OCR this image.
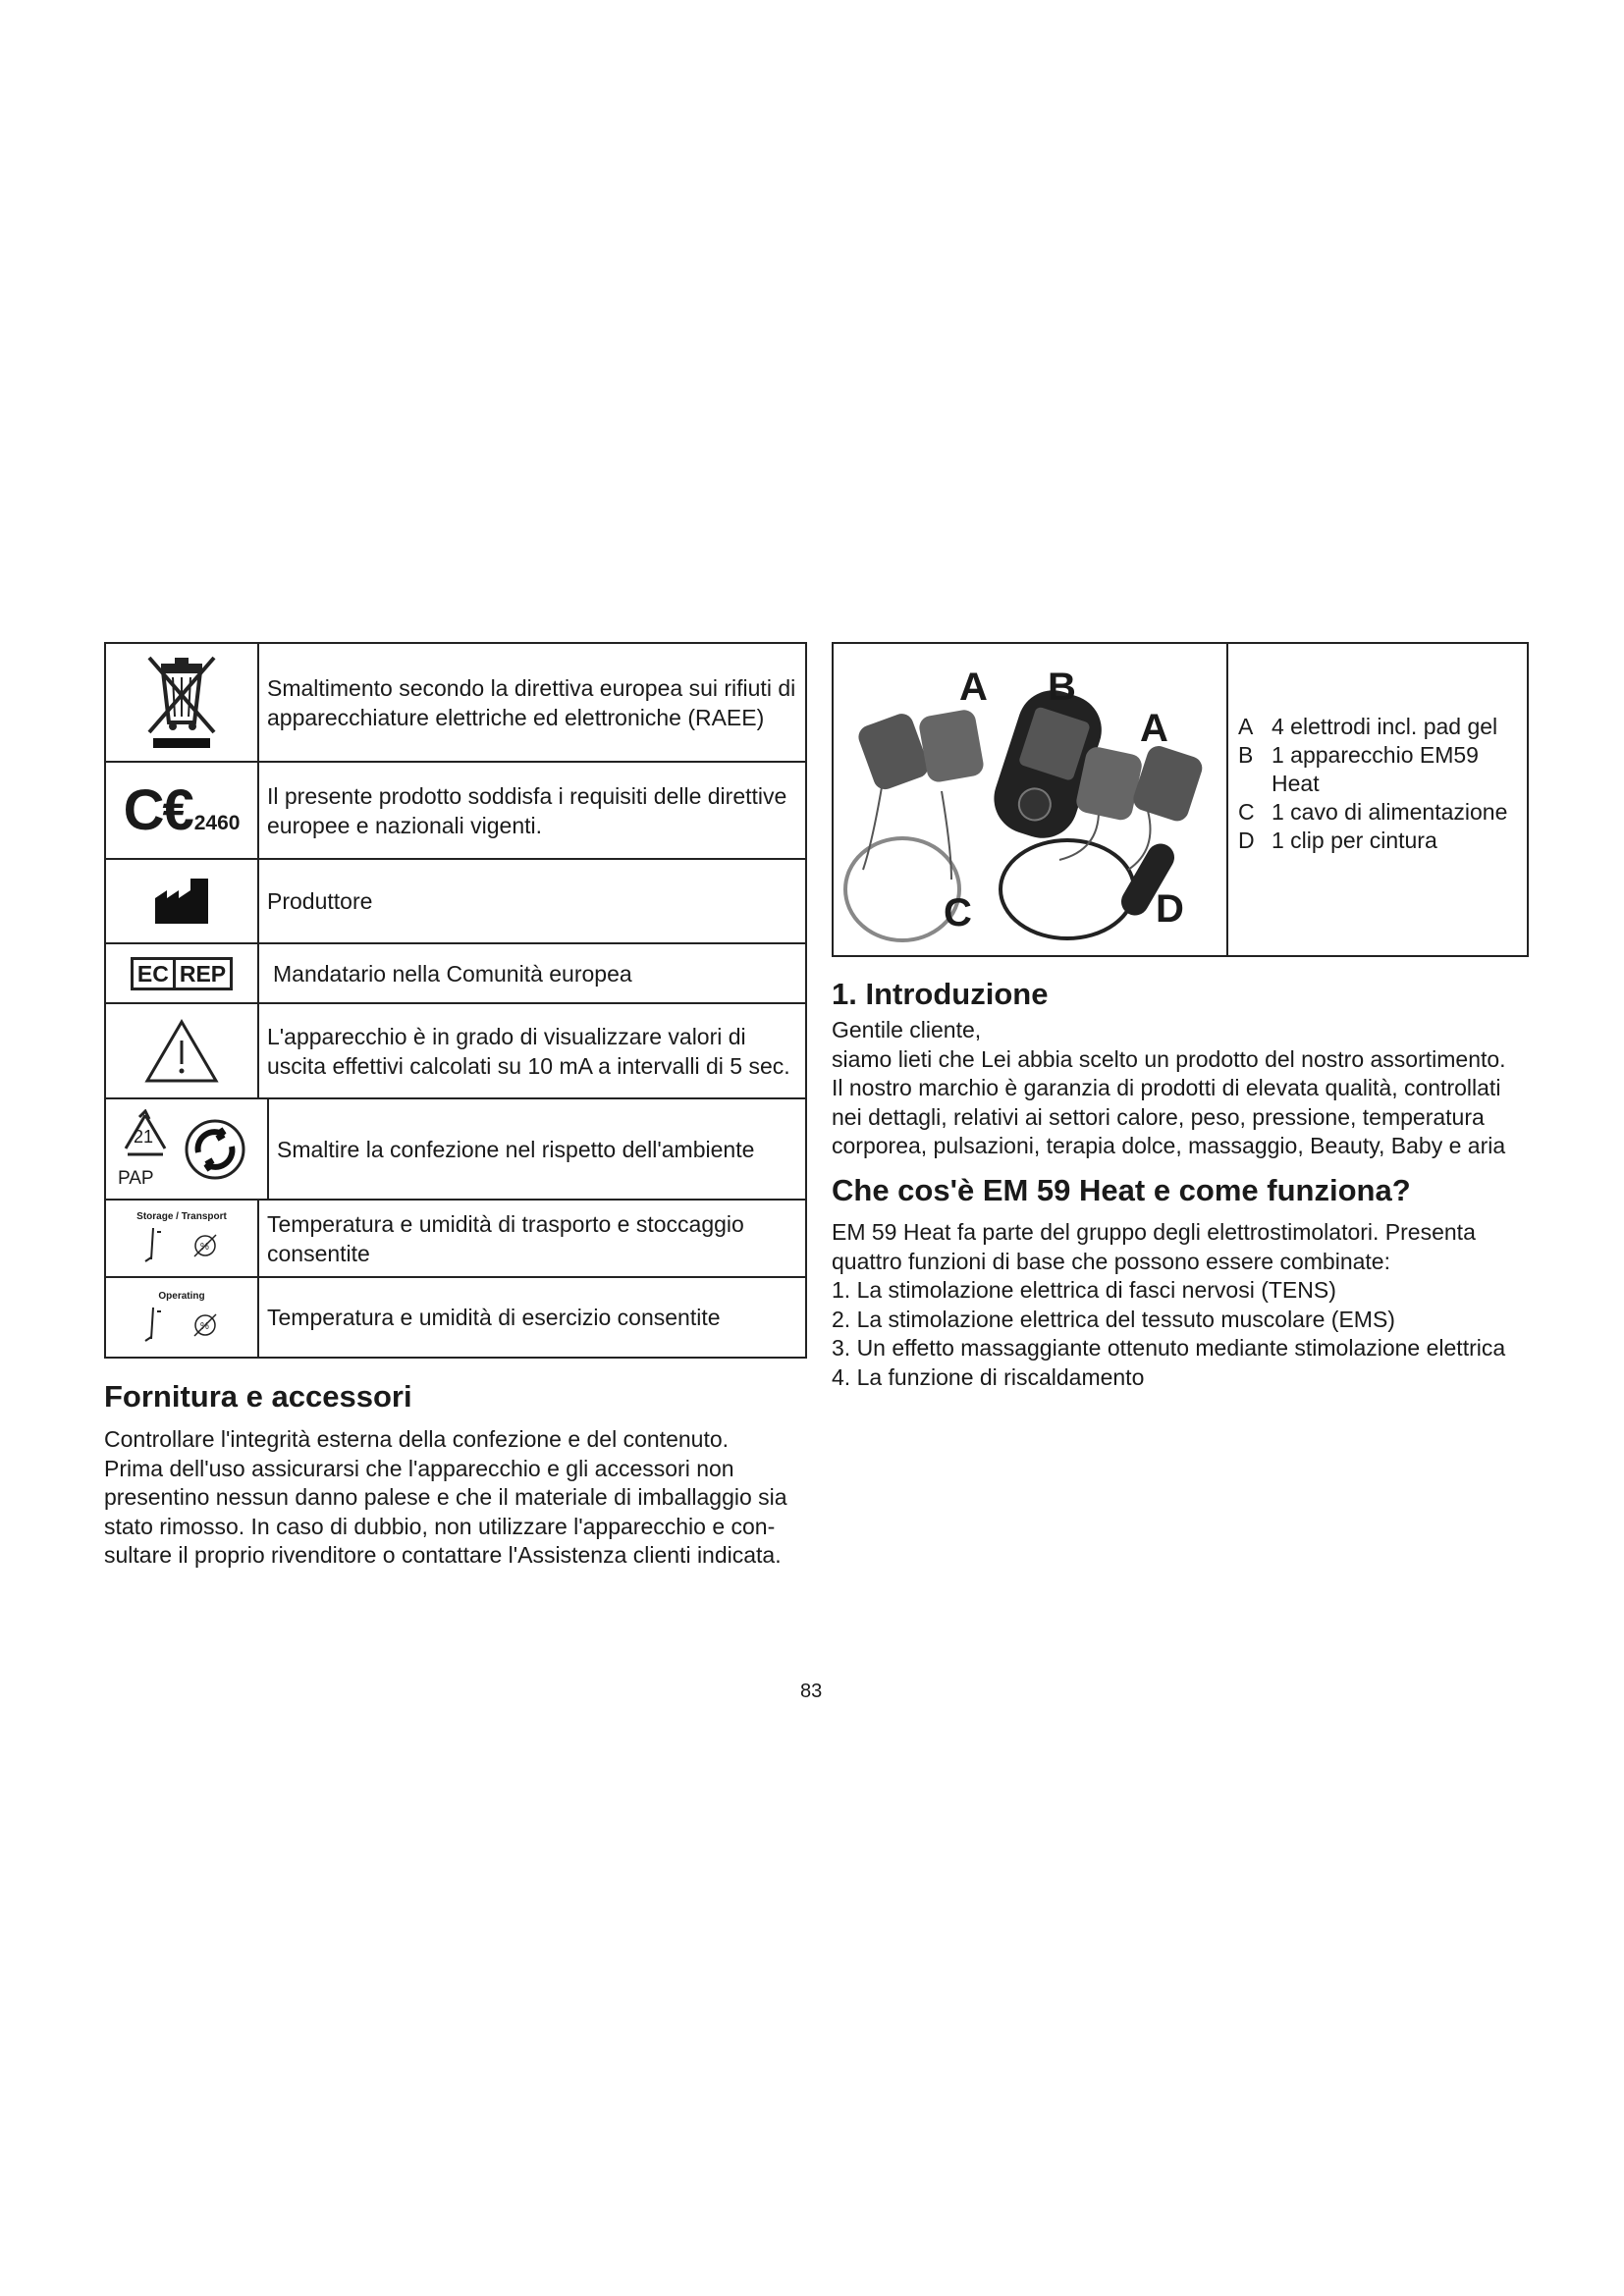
Smaltimento secondo la direttiva europea sui rifiuti di apparecchiature elettriche ed elettroniche (RAEE)
C€ 2460
Il presente prodotto soddisfa i requisiti delle direttive europee e nazionali vigenti.
Produttore
EC REP	Mandatario nella Comunità europea
L'apparecchio è in grado di visualizzare valori di uscita effettivi calcolati su 10 mA a intervalli di 5 sec.
21
PAP
Smaltire la confezione nel rispetto dell'ambiente
Storage / Transport
%
Temperatura e umidità di trasporto e stoccaggio consentite
Operating
%	Temperatura e umidità di esercizio consentite
Fornitura e accessori

Controllare l'integrità esterna della confezione e del contenuto.

Prima dell'uso assicurarsi che l'apparecchio e gli accessori non

presentino nessun danno palese e che il materiale di imballaggio sia

stato rimosso. In caso di dubbio, non utilizzare l'apparecchio e con-

sultare il proprio rivenditore o contattare l'Assistenza clienti indicata.

A B
A
C	D
A 4 elettrodi incl. pad gel
B 1 apparecchio EM59 Heat
C 1 cavo di alimentazione
D 1 clip per cintura
1. Introduzione

Gentile cliente,

siamo lieti che Lei abbia scelto un prodotto del nostro assortimento.

Il nostro marchio è garanzia di prodotti di elevata qualità, controllati

nei dettagli, relativi ai settori calore, peso, pressione, temperatura

corporea, pulsazioni, terapia dolce, massaggio, Beauty, Baby e aria

Che cos'è EM 59 Heat e come funziona?

EM 59 Heat fa parte del gruppo degli elettrostimolatori. Presenta

quattro funzioni di base che possono essere combinate:

1. La stimolazione elettrica di fasci nervosi (TENS)

2. La stimolazione elettrica del tessuto muscolare (EMS)

3. Un effetto massaggiante ottenuto mediante stimolazione elettrica

4. La funzione di riscaldamento

83
